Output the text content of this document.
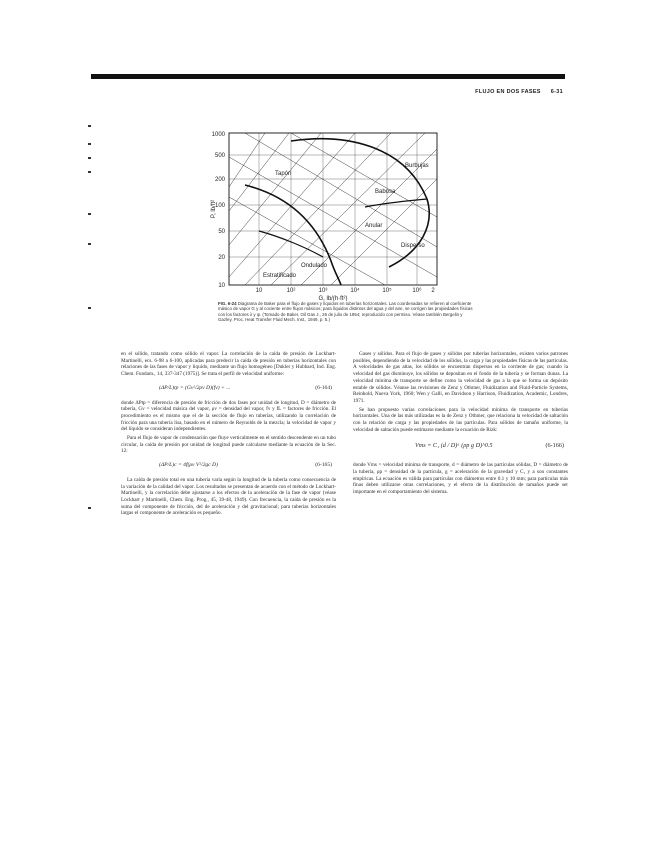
FLUJO EN DOS FASES 6-31
1000
500
200
100
50
20
10
10	10²	10³	10⁴	10⁵	10⁶ 2
P, lb/ft²
G, lb/(h·ft²)
Burbujas
Anular
Tapón
Estratificado
Ondulado
Babosa
Disperso
FIG. 6-24 Diagrama de Baker para el flujo de gases y líquidos en tuberías horizontales. Las coordenadas se refieren al coeficiente másico de vapor G y al cociente entre flujos másicos; para líquidos distintos del agua y del aire, se corrigen las propiedades físicas con los factores λ y ψ. (Tomado de Baker, Oil Gas J., 26 de julio de 1954; reproducido con permiso. Véase también Bergelin y Gazley, Proc. Heat Transfer Fluid Mech. Inst., 1949, p. 5.)

en el sólido, tratando como sólido el vapor. La correlación de la caída de presión de Lockhart-Martinelli, ecs. 6-98 a 6-100, aplicadas para predecir la caída de presión en tuberías horizontales con relaciones de las fases de vapor y líquido, mediante un flujo homogéneo [Dukler y Hubbard, Ind. Eng. Chem. Fundam., 14, 337-347 (1975)]. Se trata el perfil de velocidad uniforme:

(ΔP/L)tp = (Gv²/2ρv D)(fv) + ...	(6-164)

donde ΔPtp = diferencia de presión de fricción de dos fases por unidad de longitud, D = diámetro de tubería, Gv = velocidad másica del vapor, ρv = densidad del vapor, fv y fL = factores de fricción. El procedimiento es el mismo que el de la sección de flujo en tuberías, utilizando la correlación de fricción para una tubería lisa, basado en el número de Reynolds de la mezcla; la velocidad de vapor y del líquido se consideran independientes.

Para el flujo de vapor de condensación que fluye verticalmente en el sentido descendente en un tubo circular, la caída de presión por unidad de longitud puede calcularse mediante la ecuación de la Sec. 12:

(ΔP/L)c = 4f(ρv V²/2gc D)	(6-165)

La caída de presión total en una tubería varía según la longitud de la tubería como consecuencia de la variación de la calidad del vapor. Los resultados se presentan de acuerdo con el método de Lockhart-Martinelli, y la correlación debe ajustarse a los efectos de la aceleración de la fase de vapor (véase Lockhart y Martinelli, Chem. Eng. Prog., 45, 39-48, 1949). Con frecuencia, la caída de presión es la suma del componente de fricción, del de aceleración y del gravitacional; para tuberías horizontales largas el componente de aceleración es pequeño.

Gases y sólidos. Para el flujo de gases y sólidos por tuberías horizontales, existen varios patrones posibles, dependiendo de la velocidad de los sólidos, la carga y las propiedades físicas de las partículas. A velocidades de gas altas, los sólidos se encuentran dispersos en la corriente de gas; cuando la velocidad del gas disminuye, los sólidos se depositan en el fondo de la tubería y se forman dunas. La velocidad mínima de transporte se define como la velocidad de gas a la que se forma un depósito estable de sólidos. Véanse las revisiones de Zenz y Othmer, Fluidization and Fluid-Particle Systems, Reinhold, Nueva York, 1960; Wen y Galli, en Davidson y Harrison, Fluidization, Academic, Londres, 1971.

Se han propuesto varias correlaciones para la velocidad mínima de transporte en tuberías horizontales. Una de las más utilizadas es la de Zenz y Othmer, que relaciona la velocidad de saltación con la relación de carga y las propiedades de las partículas. Para sólidos de tamaño uniforme, la velocidad de saltación puede estimarse mediante la ecuación de Rizk:

Vms = C₁ (d / D)ᵃ (ρp g D)^0.5	(6-166)

donde Vms = velocidad mínima de transporte, d = diámetro de las partículas sólidas, D = diámetro de la tubería, ρp = densidad de la partícula, g = aceleración de la gravedad y C₁ y a son constantes empíricas. La ecuación es válida para partículas con diámetros entre 0.1 y 10 mm; para partículas más finas deben utilizarse otras correlaciones, y el efecto de la distribución de tamaños puede ser importante en el comportamiento del sistema.
